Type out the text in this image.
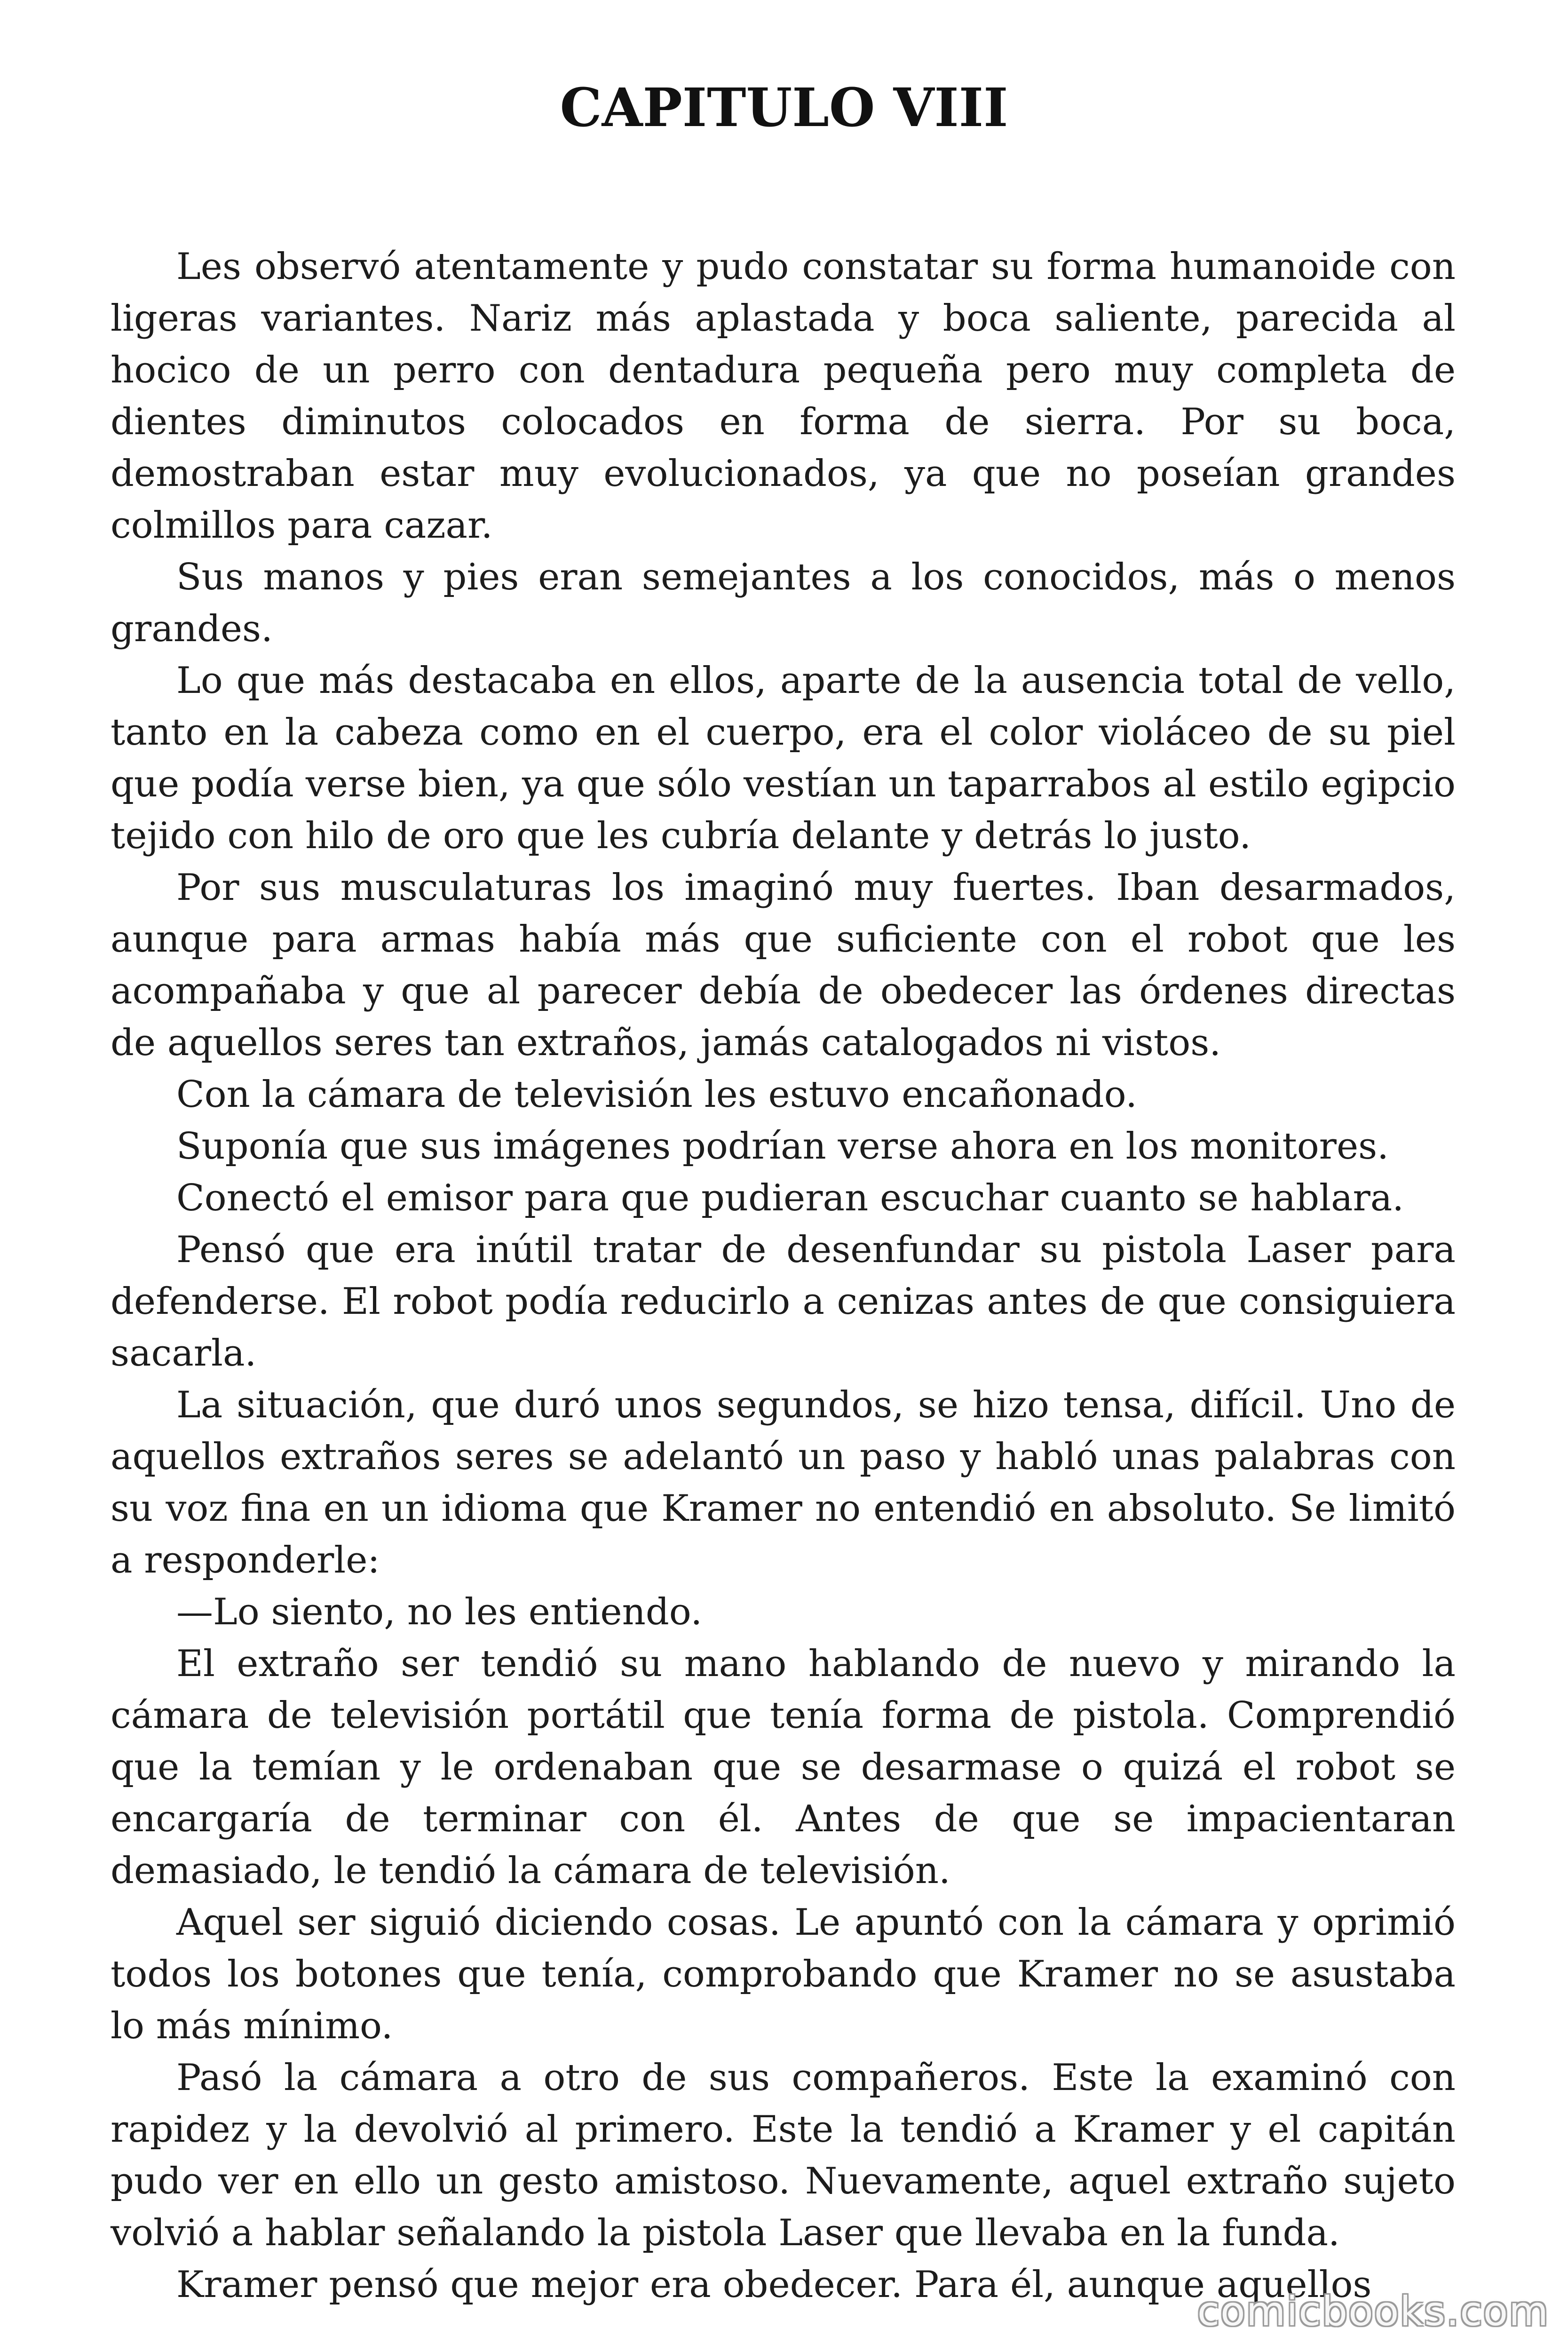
CAPITULO VIII

Les observó atentamente y pudo constatar su forma humanoide con ligeras variantes. Nariz más aplastada y boca saliente, parecida al hocico de un perro con dentadura pequeña pero muy completa de dientes diminutos colocados en forma de sierra. Por su boca, demostraban estar muy evolucionados, ya que no poseían grandes colmillos para cazar.

Sus manos y pies eran semejantes a los conocidos, más o menos grandes.

Lo que más destacaba en ellos, aparte de la ausencia total de vello, tanto en la cabeza como en el cuerpo, era el color violáceo de su piel que podía verse bien, ya que sólo vestían un taparrabos al estilo egipcio tejido con hilo de oro que les cubría delante y detrás lo justo.

Por sus musculaturas los imaginó muy fuertes. Iban desarmados, aunque para armas había más que suficiente con el robot que les acompañaba y que al parecer debía de obedecer las órdenes directas de aquellos seres tan extraños, jamás catalogados ni vistos.

Con la cámara de televisión les estuvo encañonado.

Suponía que sus imágenes podrían verse ahora en los monitores.

Conectó el emisor para que pudieran escuchar cuanto se hablara.

Pensó que era inútil tratar de desenfundar su pistola Laser para defenderse. El robot podía reducirlo a cenizas antes de que consiguiera sacarla.

La situación, que duró unos segundos, se hizo tensa, difícil. Uno de aquellos extraños seres se adelantó un paso y habló unas palabras con su voz fina en un idioma que Kramer no entendió en absoluto. Se limitó a responderle:

—Lo siento, no les entiendo.

El extraño ser tendió su mano hablando de nuevo y mirando la cámara de televisión portátil que tenía forma de pistola. Comprendió que la temían y le ordenaban que se desarmase o quizá el robot se encargaría de terminar con él. Antes de que se impacientaran demasiado, le tendió la cámara de televisión.

Aquel ser siguió diciendo cosas. Le apuntó con la cámara y oprimió todos los botones que tenía, comprobando que Kramer no se asustaba lo más mínimo.

Pasó la cámara a otro de sus compañeros. Este la examinó con rapidez y la devolvió al primero. Este la tendió a Kramer y el capitán pudo ver en ello un gesto amistoso. Nuevamente, aquel extraño sujeto volvió a hablar señalando la pistola Laser que llevaba en la funda.

Kramer pensó que mejor era obedecer. Para él, aunque aquellos

comicbooks.com
